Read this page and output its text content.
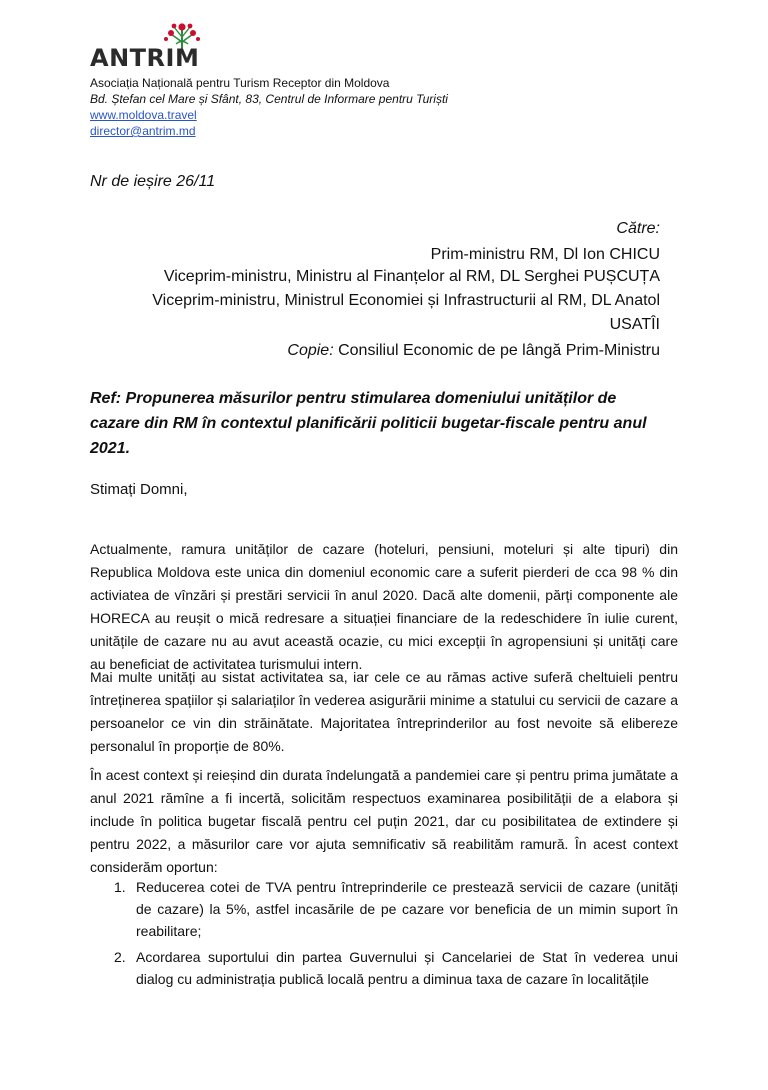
ANTRIM
Asociația Națională pentru Turism Receptor din Moldova
Bd. Ștefan cel Mare și Sfânt, 83, Centrul de Informare pentru Turiști
www.moldova.travel
director@antrim.md
Nr de ieșire 26/11
Către:
Prim-ministru RM, Dl Ion CHICU
Viceprim-ministru, Ministru al Finanțelor al RM, DL Serghei PUȘCUȚA
Viceprim-ministru, Ministrul Economiei și Infrastructurii al RM, DL Anatol
USATÎI
Copie: Consiliul Economic de pe lângă Prim-Ministru
Ref: Propunerea măsurilor pentru stimularea domeniului unităților de cazare din RM în contextul planificării politicii bugetar-fiscale pentru anul 2021.
Stimați Domni,
Actualmente, ramura unităților de cazare (hoteluri, pensiuni, moteluri și alte tipuri) din Republica Moldova este unica din domeniul economic care a suferit pierderi de cca 98 % din activiatea de vînzări și prestări servicii în anul 2020. Dacă alte domenii, părți componente ale HORECA au reușit o mică redresare a situației financiare de la redeschidere în iulie curent, unitățile de cazare nu au avut această ocazie, cu mici excepții în agropensiuni și unități care au beneficiat de activitatea turismului intern.
Mai multe unități au sistat activitatea sa, iar cele ce au rămas active suferă cheltuieli pentru întreținerea spațiilor și salariaților în vederea asigurării minime a statului cu servicii de cazare a persoanelor ce vin din străinătate. Majoritatea întreprinderilor au fost nevoite să elibereze personalul în proporție de 80%.
În acest context și reieșind din durata îndelungată a pandemiei care și pentru prima jumătate a anul 2021 rămîne a fi incertă, solicităm respectuos examinarea posibilității de a elabora și include în politica bugetar fiscală pentru cel puțin 2021, dar cu posibilitatea de extindere și pentru 2022, a măsurilor care vor ajuta semnificativ să reabilităm ramură. În acest context considerăm oportun:
1. Reducerea cotei de TVA pentru întreprinderile ce prestează servicii de cazare (unități de cazare) la 5%, astfel incasările de pe cazare vor beneficia de un mimin suport în reabilitare;
2. Acordarea suportului din partea Guvernului și Cancelariei de Stat în vederea unui dialog cu administrația publică locală pentru a diminua taxa de cazare în localitățile
